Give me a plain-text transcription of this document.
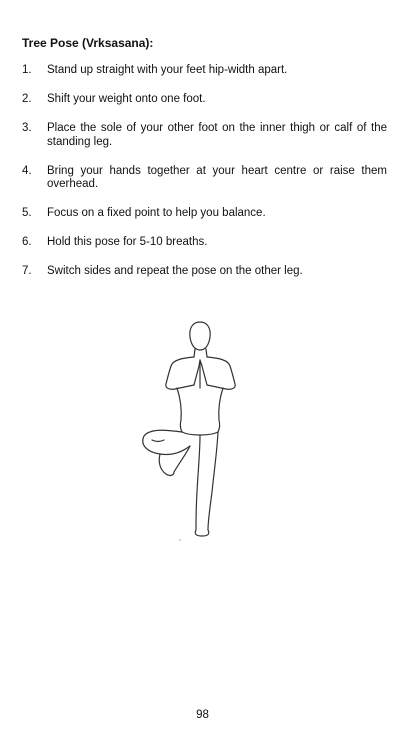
Tree Pose (Vrksasana):
1.	Stand up straight with your feet hip-width apart.
2.	Shift your weight onto one foot.
3.	Place the sole of your other foot on the inner thigh or calf of the standing leg.
4.	Bring your hands together at your heart centre or raise them overhead.
5.	Focus on a fixed point to help you balance.
6.	Hold this pose for 5-10 breaths.
7.	Switch sides and repeat the pose on the other leg.
98
